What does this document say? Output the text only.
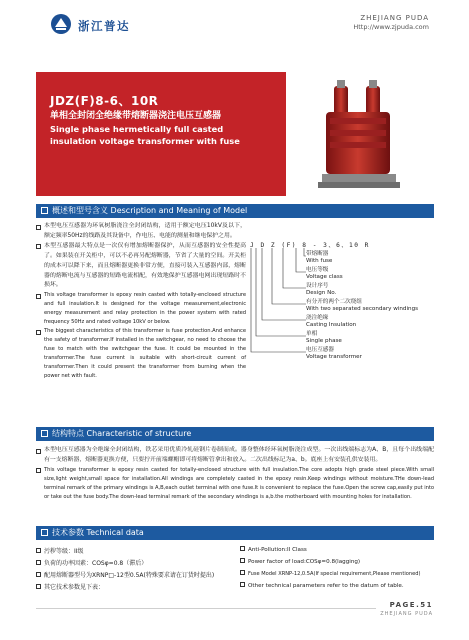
浙江普达
ZHEJIANG PUDA
Http://www.zjpuda.com
JDZ(F)8-6、10R
单相全封闭全绝缘带熔断器浇注电压互感器
Single phase hermetically full casted
insulation voltage transformer with fuse
概述和型号含义 Description and Meaning of Model

本型电压互感器为环氧树脂浇注全封闭结构，适用于额定电压10kV及以下，额定频率50Hz的线路及其设备中，作电压、电能的测量和继电保护之用。

本型互感器最大特点是一次仅有增加熔断器保护，从而互感器的安全性提高了。如果装在开关柜中，可以不必再另配熔断器，节省了大量的空间。开关柜的成本可以降下来，而且熔断器更换非常方便，直接可装入互感器内部，熔断器的熔断电流与互感器的短路电流相配，有效地保护互感器电网出现短路时不损坏。

This voltage transformer is epoxy resin casted with totally-enclosed structure and full insulation.It is designed for the voltage measurement,electronic energy measurement and relay protection in the power system with rated frequency 50Hz and rated voltage 10kV or below.

The biggest characteristics of this transformer is fuse protection.And enhance the safety of transformer.If installed in the switchgear, no need to choose the fuse to match with the switchgear the fuse. It could be mounted in the transformer.The fuse current is suitable with short-circuit current of transformer.Then it could present the transformer from burning when the power net with fault.

J D Z (F) 8 - 3、6、10 R
带熔断器
With fuse
电压等级
Voltage class
设计序号
Design No.
有分开的两个二次绕组
With two separated secondary windings
浇注绝缘
Casting Insulation
单相
Single phase
电压互感器
Voltage transformer
结构特点 Characteristic of structure

本型电压互感器为全绝缘全封闭结构，铁芯采用优质冷轧硅钢片卷制而成。器身整体经环氧树脂浇注成型。一次出线端标志为A、B，且每个出线端配有一支熔断器，熔断器更换方便，只要拧开前端螺帽即可将熔断管拿出和放入。二次出线标记为a、b。底座上有安装孔供安装用。

This voltage transformer is epoxy resin casted for totally-enclosed structure with full insulation.The core adopts high grade steel piece.With small size,light weight,small space for installation.All windings are completely casted in the epoxy resin.Keep windings without moisture.THe down-lead terminal remark of the primary windings is A,B,each outlet terminal with one fuse.It is convenient to replace the fuse.Open the screw cap,easily put into or take out the fuse body.The down-lead terminal remark of the secondary windings is a,b.the motherboard with mounting holes for installation.

技术参数 Technical data
污秽等级：II级
负荷的功率因素：COSφ=0.8（滞后）
配用熔断器型号为XRNP□-12型0.5A(特殊要求请在订货时提出)
其它技术参数见下表：
Anti-Pollution:II Class
Power factor of load:COSφ=0.8(lagging)
Fuse Model XRNP-12,0.5A(If special requirement,Please mentioned)
Other technical parameters refer to the datum of table.
PAGE.51
ZHEJIANG PUDA
